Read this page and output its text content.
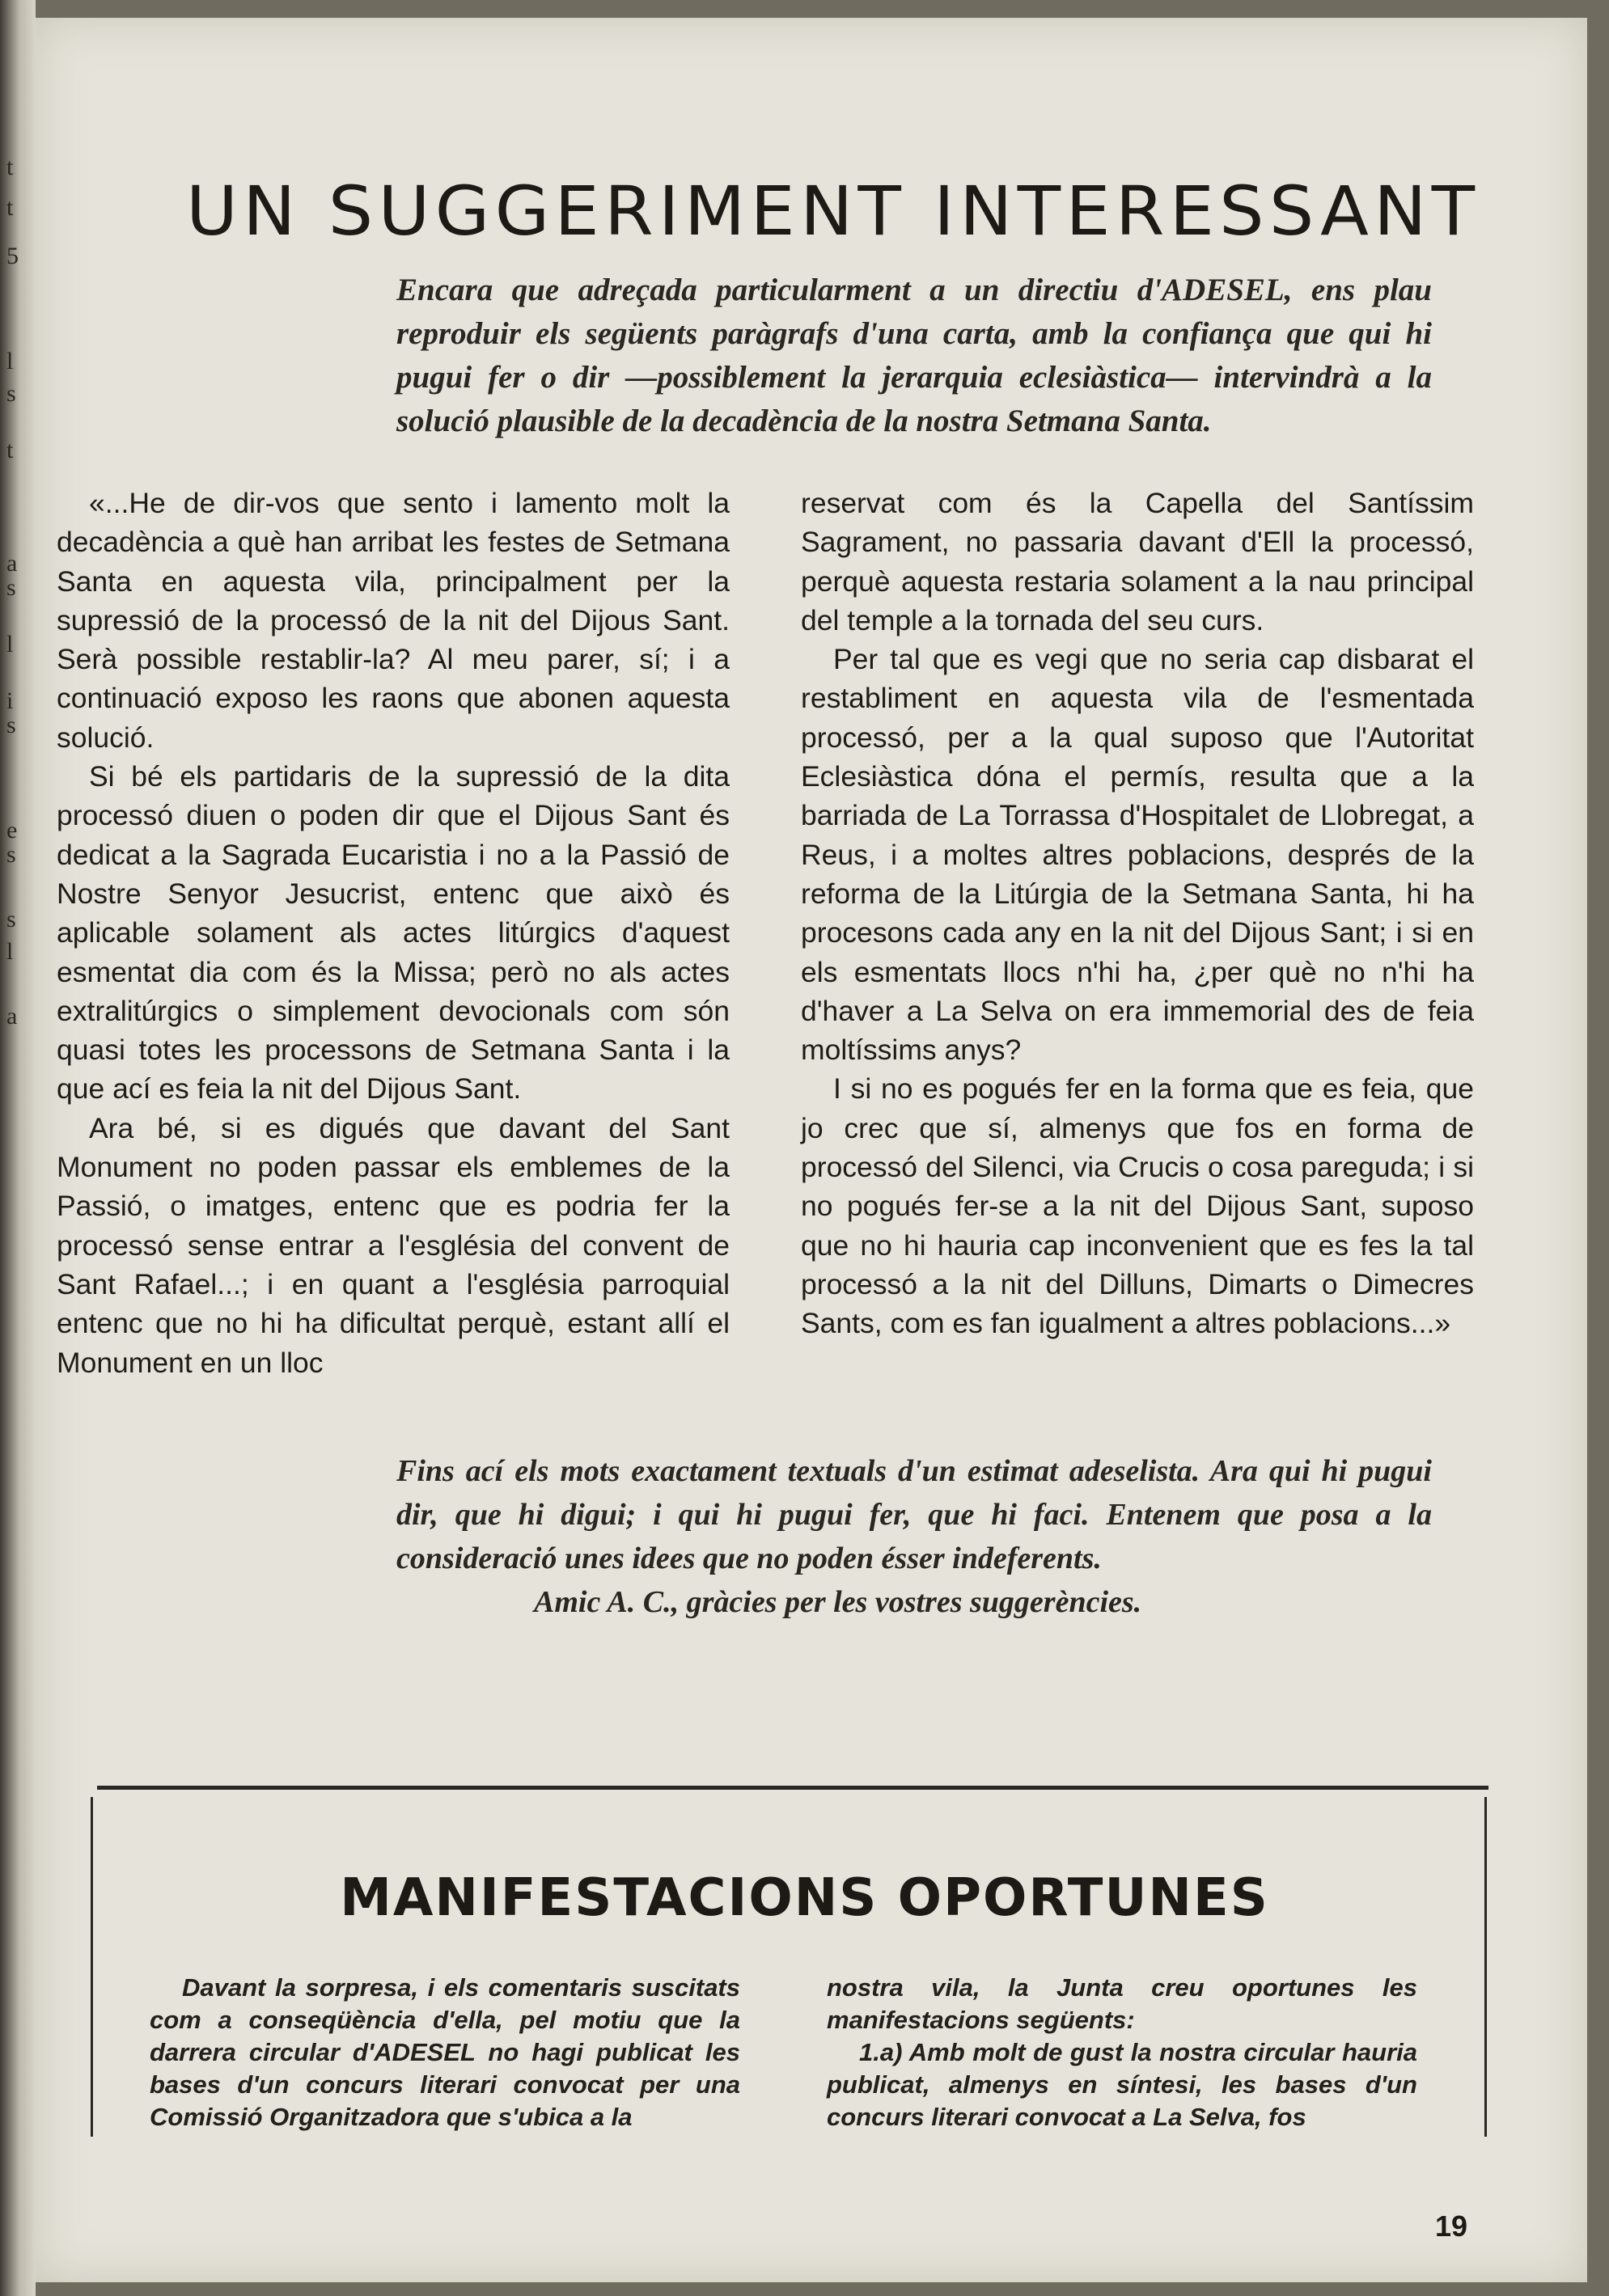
t
t
5
l
s
t
a
s
l
i
s
e
s
s
l
a
UN SUGGERIMENT INTERESSANT

Encara que adreçada particularment a un directiu d'ADESEL, ens plau reproduir els següents paràgrafs d'una carta, amb la confiança que qui hi pugui fer o dir —possiblement la jerarquia eclesiàstica— intervindrà a la solució plausible de la decadència de la nostra Setmana Santa.

«...He de dir-vos que sento i lamento molt la decadència a què han arribat les festes de Setmana Santa en aquesta vila, principalment per la supressió de la processó de la nit del Dijous Sant. Serà possible restablir-la? Al meu parer, sí; i a continuació exposo les raons que abonen aquesta solució.

Si bé els partidaris de la supressió de la dita processó diuen o poden dir que el Dijous Sant és dedicat a la Sagrada Eucaristia i no a la Passió de Nostre Senyor Jesucrist, entenc que això és aplicable solament als actes litúrgics d'aquest esmentat dia com és la Missa; però no als actes extralitúrgics o simplement devocionals com són quasi totes les processons de Setmana Santa i la que ací es feia la nit del Dijous Sant.

Ara bé, si es digués que davant del Sant Monument no poden passar els emblemes de la Passió, o imatges, entenc que es podria fer la processó sense entrar a l'església del convent de Sant Rafael...; i en quant a l'església parroquial entenc que no hi ha dificultat perquè, estant allí el Monument en un lloc

reservat com és la Capella del Santíssim Sagrament, no passaria davant d'Ell la processó, perquè aquesta restaria solament a la nau principal del temple a la tornada del seu curs.

Per tal que es vegi que no seria cap disbarat el restabliment en aquesta vila de l'esmentada processó, per a la qual suposo que l'Autoritat Eclesiàstica dóna el permís, resulta que a la barriada de La Torrassa d'Hospitalet de Llobregat, a Reus, i a moltes altres poblacions, després de la reforma de la Litúrgia de la Setmana Santa, hi ha procesons cada any en la nit del Dijous Sant; i si en els esmentats llocs n'hi ha, ¿per què no n'hi ha d'haver a La Selva on era immemorial des de feia moltíssims anys?

I si no es pogués fer en la forma que es feia, que jo crec que sí, almenys que fos en forma de processó del Silenci, via Crucis o cosa pareguda; i si no pogués fer-se a la nit del Dijous Sant, suposo que no hi hauria cap inconvenient que es fes la tal processó a la nit del Dilluns, Dimarts o Dimecres Sants, com es fan igualment a altres poblacions...»

Fins ací els mots exactament textuals d'un estimat adeselista. Ara qui hi pugui dir, que hi digui; i qui hi pugui fer, que hi faci. Entenem que posa a la consideració unes idees que no poden ésser indeferents.

Amic A. C., gràcies per les vostres suggerències.

MANIFESTACIONS OPORTUNES

Davant la sorpresa, i els comentaris suscitats com a conseqüència d'ella, pel motiu que la darrera circular d'ADESEL no hagi publicat les bases d'un concurs literari convocat per una Comissió Organitzadora que s'ubica a la

nostra vila, la Junta creu oportunes les manifestacions següents:

1.a) Amb molt de gust la nostra circular hauria publicat, almenys en síntesi, les bases d'un concurs literari convocat a La Selva, fos

19
